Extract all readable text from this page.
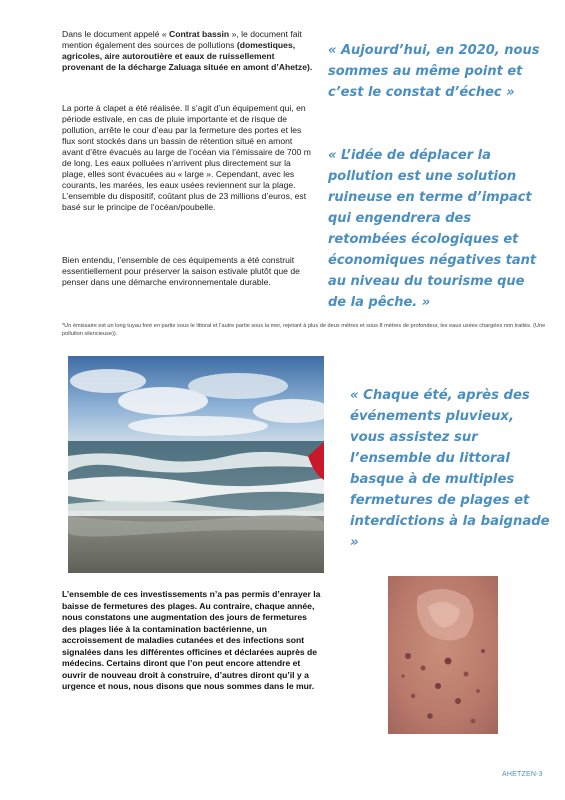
Dans le document appelé « Contrat bassin », le document fait mention également des sources de pollutions (domestiques, agricoles, aire autoroutière et eaux de ruissellement provenant de la décharge Zaluaga située en amont d’Ahetze).

La porte à clapet a été réalisée. Il s’agit d’un équipement qui, en période estivale, en cas de pluie importante et de risque de pollution, arrête le cour d’eau par la fermeture des portes et les flux sont stockés dans un bassin de rétention situé en amont avant d’être évacués au large de l’océan via l’émissaire de 700 m de long. Les eaux polluées n’arrivent plus directement sur la plage, elles sont évacuées au « large ». Cependant, avec les courants, les marées, les eaux usées reviennent sur la plage. L’ensemble du dispositif, coûtant plus de 23 millions d’euros, est basé sur le principe de l’océan/poubelle.

Bien entendu, l’ensemble de ces équipements a été construit essentiellement pour préserver la saison estivale plutôt que de penser dans une démarche environnementale durable.

« Aujourd’hui, en 2020, nous sommes au même point et c’est le constat d’échec »

« L’idée de déplacer la pollution est une solution ruineuse en terme d’impact qui engendrera des retombées écologiques et économiques négatives tant au niveau du tourisme que de la pêche. »

*Un émissaire est un long tuyau foré en partie sous le littoral et l’autre partie sous la mer, rejetant à plus de deux mètres et sous 8 mètres de profondeur, les eaux usées chargées non traités. (Une pollution silencieuse)).

« Chaque été, après des événements pluvieux, vous assistez sur l’ensemble du littoral basque à de multiples fermetures de plages et interdictions à la baignade »

L’ensemble de ces investissements n’a pas permis d’enrayer la baisse de fermetures des plages. Au contraire, chaque année, nous constatons une augmentation des jours de fermetures des plages liée à la contamination bactérienne, un accroissement de maladies cutanées et des infections sont signalées dans les différentes officines et déclarées auprès de médecins. Certains diront que l’on peut encore attendre et ouvrir de nouveau droit à construire, d’autres diront qu’il y a urgence et nous, nous disons que nous sommes dans le mur.

AHETZEN-3
